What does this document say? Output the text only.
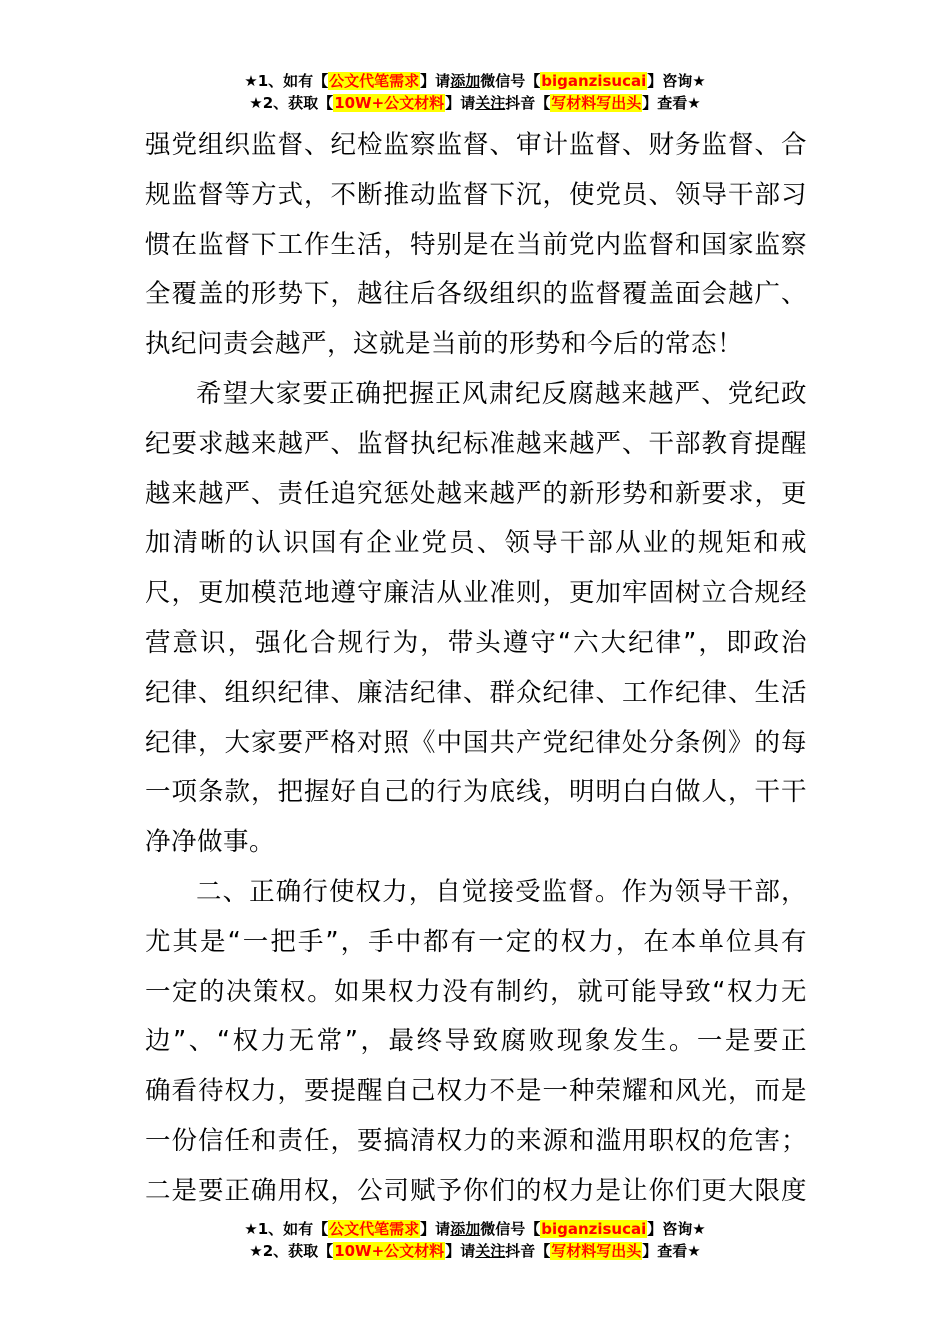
★1、如有【公文代笔需求】请添加微信号【biganzisucai】咨询★
★2、获取【10W+公文材料】请关注抖音【写材料写出头】查看★
强党组织监督、纪检监察监督、审计监督、财务监督、合
规监督等方式，不断推动监督下沉，使党员、领导干部习
惯在监督下工作生活，特别是在当前党内监督和国家监察
全覆盖的形势下，越往后各级组织的监督覆盖面会越广、
执纪问责会越严，这就是当前的形势和今后的常态！
希望大家要正确把握正风肃纪反腐越来越严、党纪政
纪要求越来越严、监督执纪标准越来越严、干部教育提醒
越来越严、责任追究惩处越来越严的新形势和新要求，更
加清晰的认识国有企业党员、领导干部从业的规矩和戒
尺，更加模范地遵守廉洁从业准则，更加牢固树立合规经
营意识，强化合规行为，带头遵守“六大纪律”，即政治
纪律、组织纪律、廉洁纪律、群众纪律、工作纪律、生活
纪律，大家要严格对照《中国共产党纪律处分条例》的每
一项条款，把握好自己的行为底线，明明白白做人，干干
净净做事。
二、正确行使权力，自觉接受监督。作为领导干部，
尤其是“一把手”，手中都有一定的权力，在本单位具有
一定的决策权。如果权力没有制约，就可能导致“权力无
边”、“权力无常”，最终导致腐败现象发生。一是要正
确看待权力，要提醒自己权力不是一种荣耀和风光，而是
一份信任和责任，要搞清权力的来源和滥用职权的危害；
二是要正确用权，公司赋予你们的权力是让你们更大限度
★1、如有【公文代笔需求】请添加微信号【biganzisucai】咨询★
★2、获取【10W+公文材料】请关注抖音【写材料写出头】查看★
